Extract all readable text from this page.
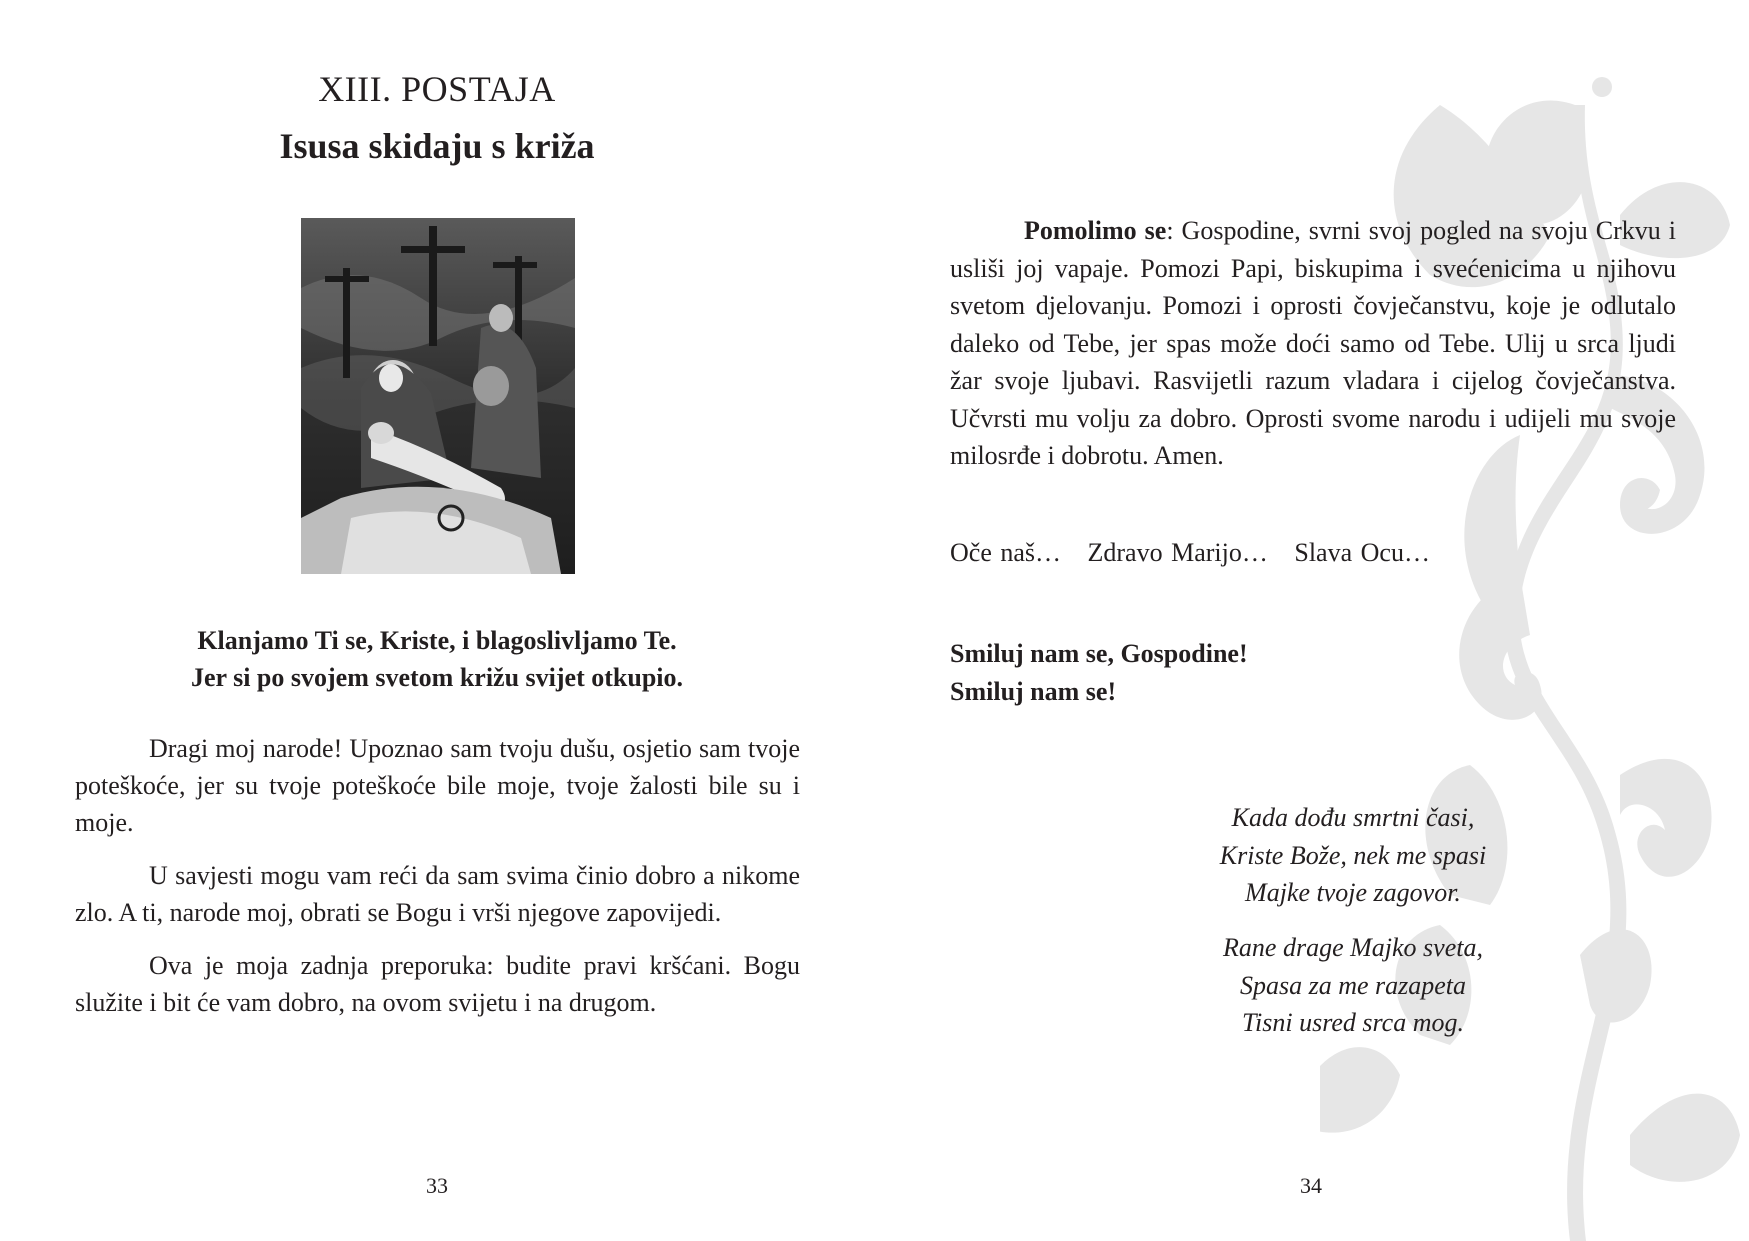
XIII. POSTAJA
Isusa skidaju s križa
Klanjamo Ti se, Kriste, i blagoslivljamo Te.
Jer si po svojem svetom križu svijet otkupio.

Dragi moj narode! Upoznao sam tvoju dušu, osjetio sam tvoje poteškoće, jer su tvoje poteškoće bile moje, tvoje žalosti bile su i moje.

U savjesti mogu vam reći da sam svima činio dobro a nikome zlo. A ti, narode moj, obrati se Bogu i vrši njegove zapovijedi.

Ova je moja zadnja preporuka: budite pravi kršćani. Bogu služite i bit će vam dobro, na ovom svijetu i na drugom.

33

Pomolimo se: Gospodine, svrni svoj pogled na svoju Crkvu i usliši joj vapaje. Pomozi Papi, biskupima i svećenicima u njihovu svetom djelovanju. Pomozi i oprosti čovječanstvu, koje je odlutalo daleko od Tebe, jer spas može doći samo od Tebe. Ulij u srca ljudi žar svoje ljubavi. Rasvijetli razum vladara i cijelog čovječanstva. Učvrsti mu volju za dobro. Oprosti svome narodu i udijeli mu svoje milosrđe i dobrotu. Amen.

Oče naš… Zdravo Marijo… Slava Ocu…
Smiluj nam se, Gospodine!
Smiluj nam se!
Kada dođu smrtni časi,
Kriste Bože, nek me spasi
Majke tvoje zagovor.
Rane drage Majko sveta,
Spasa za me razapeta
Tisni usred srca mog.
34
